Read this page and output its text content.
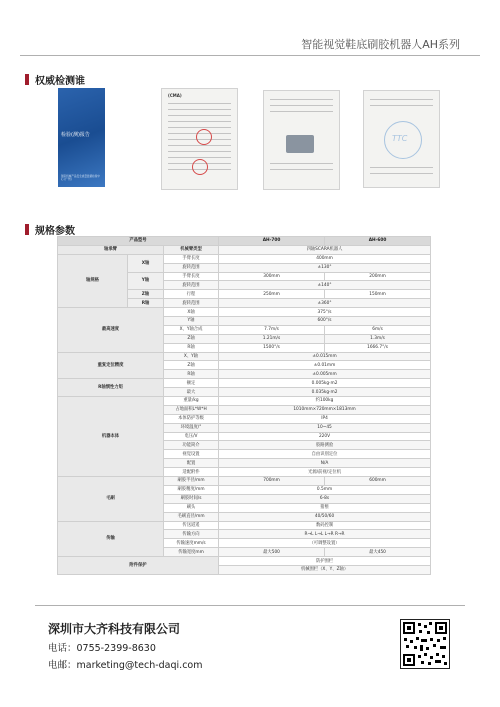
智能视觉鞋底刷胶机器人AH系列
权威检测谁
检验(测)报告
国家机械产品安全质量监督检验中心 (广州)
(CMA)
TTC
规格参数
产品型号			AH-700	AH-600
轴承臂		机械臂类型	四轴SCARA机器人	
轴规格	X轴	手臂长度	400mm	
		旋转范围	±130°	
	Y轴	手臂长度	300mm	200mm
		旋转范围	±140°	
	Z轴	行程	250mm	150mm
	R轴	旋转范围	±360°	
最高速度		X轴	375°/s	
		Y轴	600°/s	
		X、Y轴合成	7.7m/s	6m/s
		Z轴	1.21m/s	1.3m/s
		R轴	1500°/s	1666.7°/s
重复定位精度		X、Y轴	±0.015mm	
		Z轴	±0.01mm	
		R轴	±0.005mm	
R轴惯性力矩		额定	0.005kg·m2	
		最大	0.035kg·m2	
机器本体		重量/kg	约100kg	
		占地面积L*W*H	1010mm×720mm×1813mm	
		本体防护等级	IP4	
		环境温度/°	10~45	
		电压/V	220V	
		功能简介	胶路测验	
		视觉设置	自由识别定位	
		配置	N/A	
		适配附件	光源/前视/定位机	
毛刷		刷胶半径/mm	700mm	600mm
		刷胶精度/mm	0.5mm	
		刷胶时间/s	6-8s	
		刷头	猪鬃	
		毛刷直径/mm	40/50/60	
传输		传送道遥	数码控制	
		传输方向	R→L L→L L→R R→R	
		传输速度mm/s	（可调整设置）	
		传输宽度mm	最大500	最大450
附件保护			防护围栏	
			机械围栏（X、Y、Z轴）	
深圳市大齐科技有限公司
电话：0755-2399-8630
电邮：marketing@tech-daqi.com
